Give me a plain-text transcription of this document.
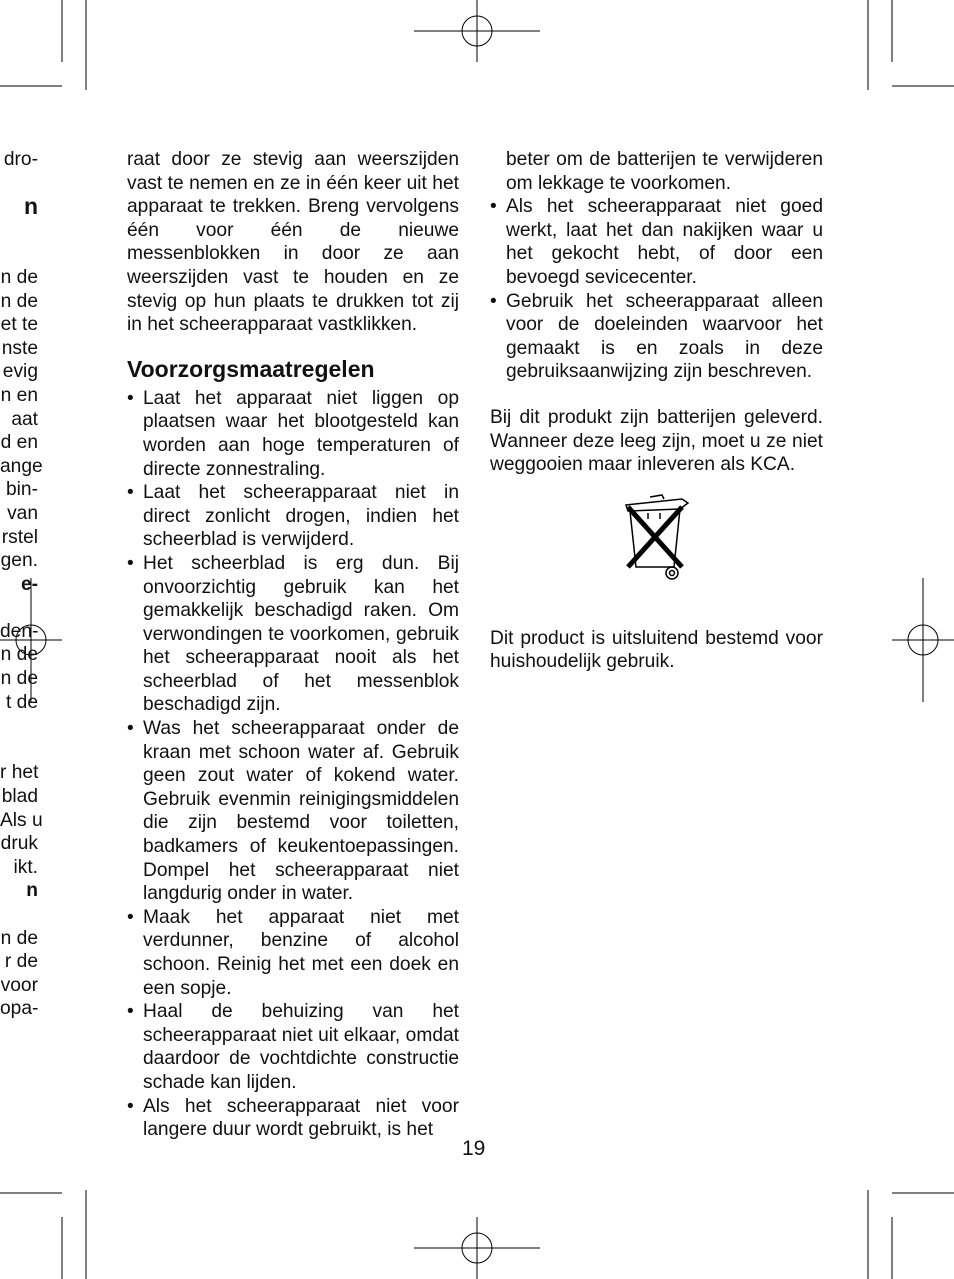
dro-
n
n de
n de
et te
nste
evig
n en
aat
d en
ange
bin-
van
rstel
gen.
e-
den-
n de
n de
t de
r het
blad
Als u
druk
ikt.
n
n de
r de
voor
opa-

raat door ze stevig aan weerszijden vast te nemen en ze in één keer uit het apparaat te trekken. Breng vervolgens één voor één de nieuwe messenblokken in door ze aan weerszijden vast te houden en ze stevig op hun plaats te drukken tot zij in het scheerapparaat vastklikken.

Voorzorgsmaatregelen
• Laat het apparaat niet liggen op plaatsen waar het blootgesteld kan worden aan hoge temperaturen of directe zonnestraling.
• Laat het scheerapparaat niet in direct zonlicht drogen, indien het scheerblad is verwijderd.
• Het scheerblad is erg dun. Bij onvoorzichtig gebruik kan het gemakkelijk beschadigd raken. Om verwondingen te voorkomen, gebruik het scheerapparaat nooit als het scheerblad of het messenblok beschadigd zijn.
• Was het scheerapparaat onder de kraan met schoon water af. Gebruik geen zout water of kokend water. Gebruik evenmin reinigingsmiddelen die zijn bestemd voor toiletten, badkamers of keukentoepassingen. Dompel het scheerapparaat niet langdurig onder in water.
• Maak het apparaat niet met verdunner, benzine of alcohol schoon. Reinig het met een doek en een sopje.
• Haal de behuizing van het scheerapparaat niet uit elkaar, omdat daardoor de vochtdichte constructie schade kan lijden.
• Als het scheerapparaat niet voor langere duur wordt gebruikt, is het

beter om de batterijen te verwijderen om lekkage te voorkomen.

• Als het scheerapparaat niet goed werkt, laat het dan nakijken waar u het gekocht hebt, of door een bevoegd sevicecenter.
• Gebruik het scheerapparaat alleen voor de doeleinden waarvoor het gemaakt is en zoals in deze gebruiksaanwijzing zijn beschreven.

Bij dit produkt zijn batterijen geleverd. Wanneer deze leeg zijn, moet u ze niet weggooien maar inleveren als KCA.

Dit product is uitsluitend bestemd voor huishoudelijk gebruik.

19
